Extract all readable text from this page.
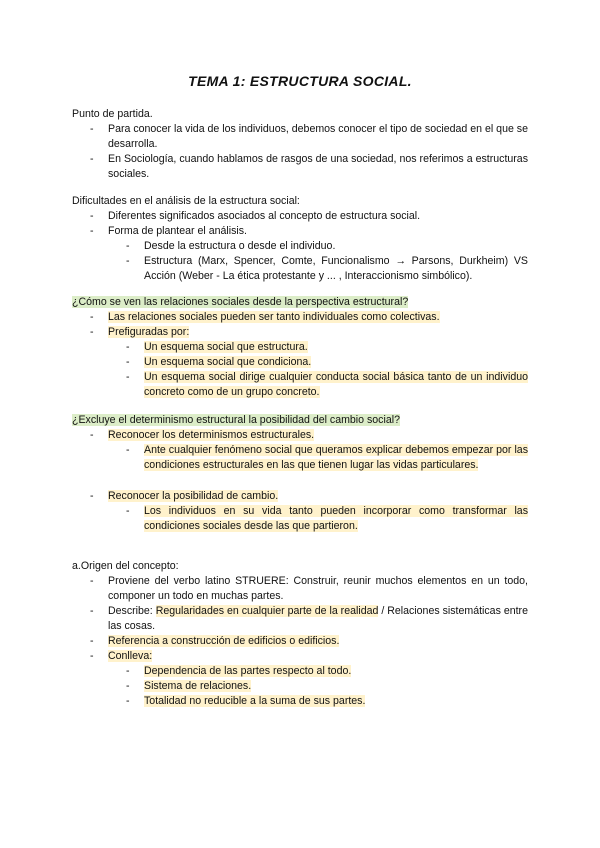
TEMA 1: ESTRUCTURA SOCIAL.
Punto de partida.
- Para conocer la vida de los individuos, debemos conocer el tipo de sociedad en el que se desarrolla.
- En Sociología, cuando hablamos de rasgos de una sociedad, nos referimos a estructuras sociales.
Dificultades en el análisis de la estructura social:
- Diferentes significados asociados al concepto de estructura social.
- Forma de plantear el análisis.
- Desde la estructura o desde el individuo.
- Estructura (Marx, Spencer, Comte, Funcionalismo → Parsons, Durkheim) VS Acción (Weber - La ética protestante y ... , Interaccionismo simbólico).
¿Cómo se ven las relaciones sociales desde la perspectiva estructural?
- Las relaciones sociales pueden ser tanto individuales como colectivas.
- Prefiguradas por:
- Un esquema social que estructura.
- Un esquema social que condiciona.
- Un esquema social dirige cualquier conducta social básica tanto de un individuo concreto como de un grupo concreto.
¿Excluye el determinismo estructural la posibilidad del cambio social?
- Reconocer los determinismos estructurales.
- Ante cualquier fenómeno social que queramos explicar debemos empezar por las condiciones estructurales en las que tienen lugar las vidas particulares.
- Reconocer la posibilidad de cambio.
- Los individuos en su vida tanto pueden incorporar como transformar las condiciones sociales desde las que partieron.
a.Origen del concepto:
- Proviene del verbo latino STRUERE: Construir, reunir muchos elementos en un todo, componer un todo en muchas partes.
- Describe: Regularidades en cualquier parte de la realidad / Relaciones sistemáticas entre las cosas.
- Referencia a construcción de edificios o edificios.
- Conlleva:
- Dependencia de las partes respecto al todo.
- Sistema de relaciones.
- Totalidad no reducible a la suma de sus partes.
